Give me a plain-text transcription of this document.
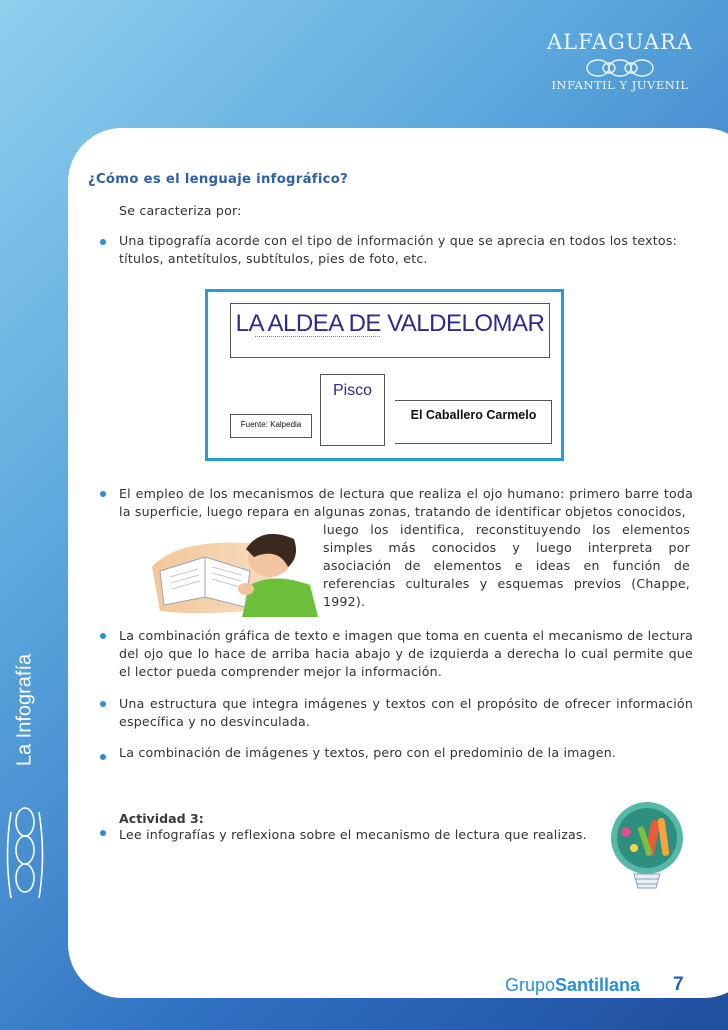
ALFAGUARA
INFANTIL Y JUVENIL
La Infografía
¿Cómo es el lenguaje infográfico?
Se caracteriza por:
Una tipografía acorde con el tipo de información y que se aprecia en todos los textos: títulos, antetítulos, subtítulos, pies de foto, etc.
LA ALDEA DE VALDELOMAR
Pisco
El Caballero Carmelo
Fuente: Kalpedia
El empleo de los mecanismos de lectura que realiza el ojo humano: primero barre toda la superficie, luego repara en algunas zonas, tratando de identificar objetos conocidos,
luego los identifica, reconstituyendo los elementos simples más conocidos y luego interpreta por asociación de elementos e ideas en función de referencias culturales y esquemas previos (Chappe, 1992).
La combinación gráfica de texto e imagen que toma en cuenta el mecanismo de lectura del ojo que lo hace de arriba hacia abajo y de izquierda a derecha lo cual permite que el lector pueda comprender mejor la información.
Una estructura que integra imágenes y textos con el propósito de ofrecer información específica y no desvinculada.
La combinación de imágenes y textos, pero con el predominio de la imagen.
Actividad 3:
Lee infografías y reflexiona sobre el mecanismo de lectura que realizas.
GrupoSantillana 7
